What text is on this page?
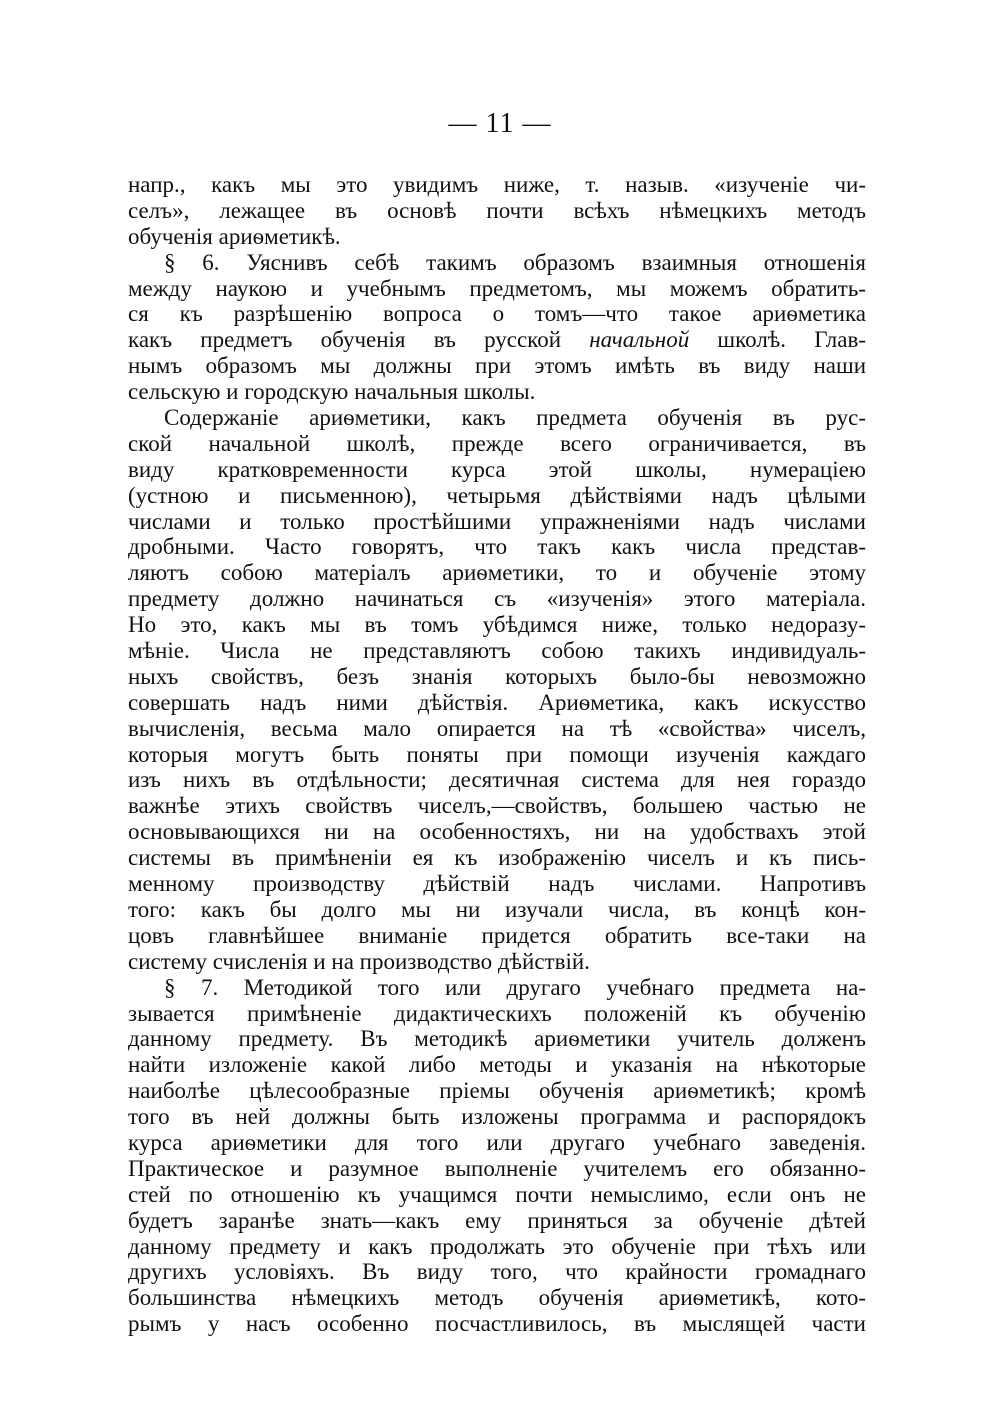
— 11 —
напр., какъ мы это увидимъ ниже, т. назыв. «изученіе чи-
селъ», лежащее въ основѣ почти всѣхъ нѣмецкихъ методъ
обученія ариѳметикѣ.
§ 6. Уяснивъ себѣ такимъ образомъ взаимныя отношенія
между наукою и учебнымъ предметомъ, мы можемъ обратить-
ся къ разрѣшенію вопроса о томъ—что такое ариѳметика
какъ предметъ обученія въ русской начальной школѣ. Глав-
нымъ образомъ мы должны при этомъ имѣть въ виду наши
сельскую и городскую начальныя школы.
Содержаніе ариѳметики, какъ предмета обученія въ рус-
ской начальной школѣ, прежде всего ограничивается, въ
виду кратковременности курса этой школы, нумераціею
(устною и письменною), четырьмя дѣйствіями надъ цѣлыми
числами и только простѣйшими упражненіями надъ числами
дробными. Часто говорятъ, что такъ какъ числа представ-
ляютъ собою матеріалъ ариѳметики, то и обученіе этому
предмету должно начинаться съ «изученія» этого матеріала.
Но это, какъ мы въ томъ убѣдимся ниже, только недоразу-
мѣніе. Числа не представляютъ собою такихъ индивидуаль-
ныхъ свойствъ, безъ знанія которыхъ было-бы невозможно
совершать надъ ними дѣйствія. Ариѳметика, какъ искусство
вычисленія, весьма мало опирается на тѣ «свойства» чиселъ,
которыя могутъ быть поняты при помощи изученія каждаго
изъ нихъ въ отдѣльности; десятичная система для нея гораздо
важнѣе этихъ свойствъ чиселъ,—свойствъ, большею частью не
основывающихся ни на особенностяхъ, ни на удобствахъ этой
системы въ примѣненіи ея къ изображенію чиселъ и къ пись-
менному производству дѣйствій надъ числами. Напротивъ
того: какъ бы долго мы ни изучали числа, въ концѣ кон-
цовъ главнѣйшее вниманіе придется обратить все-таки на
систему счисленія и на производство дѣйствій.
§ 7. Методикой того или другаго учебнаго предмета на-
зывается примѣненіе дидактическихъ положеній къ обученію
данному предмету. Въ методикѣ ариѳметики учитель долженъ
найти изложеніе какой либо методы и указанія на нѣкоторые
наиболѣе цѣлесообразные пріемы обученія ариѳметикѣ; кромѣ
того въ ней должны быть изложены программа и распорядокъ
курса ариѳметики для того или другаго учебнаго заведенія.
Практическое и разумное выполненіе учителемъ его обязанно-
стей по отношенію къ учащимся почти немыслимо, если онъ не
будетъ заранѣе знать—какъ ему приняться за обученіе дѣтей
данному предмету и какъ продолжать это обученіе при тѣхъ или
другихъ условіяхъ. Въ виду того, что крайности громаднаго
большинства нѣмецкихъ методъ обученія ариѳметикѣ, кото-
рымъ у насъ особенно посчастливилось, въ мыслящей части
